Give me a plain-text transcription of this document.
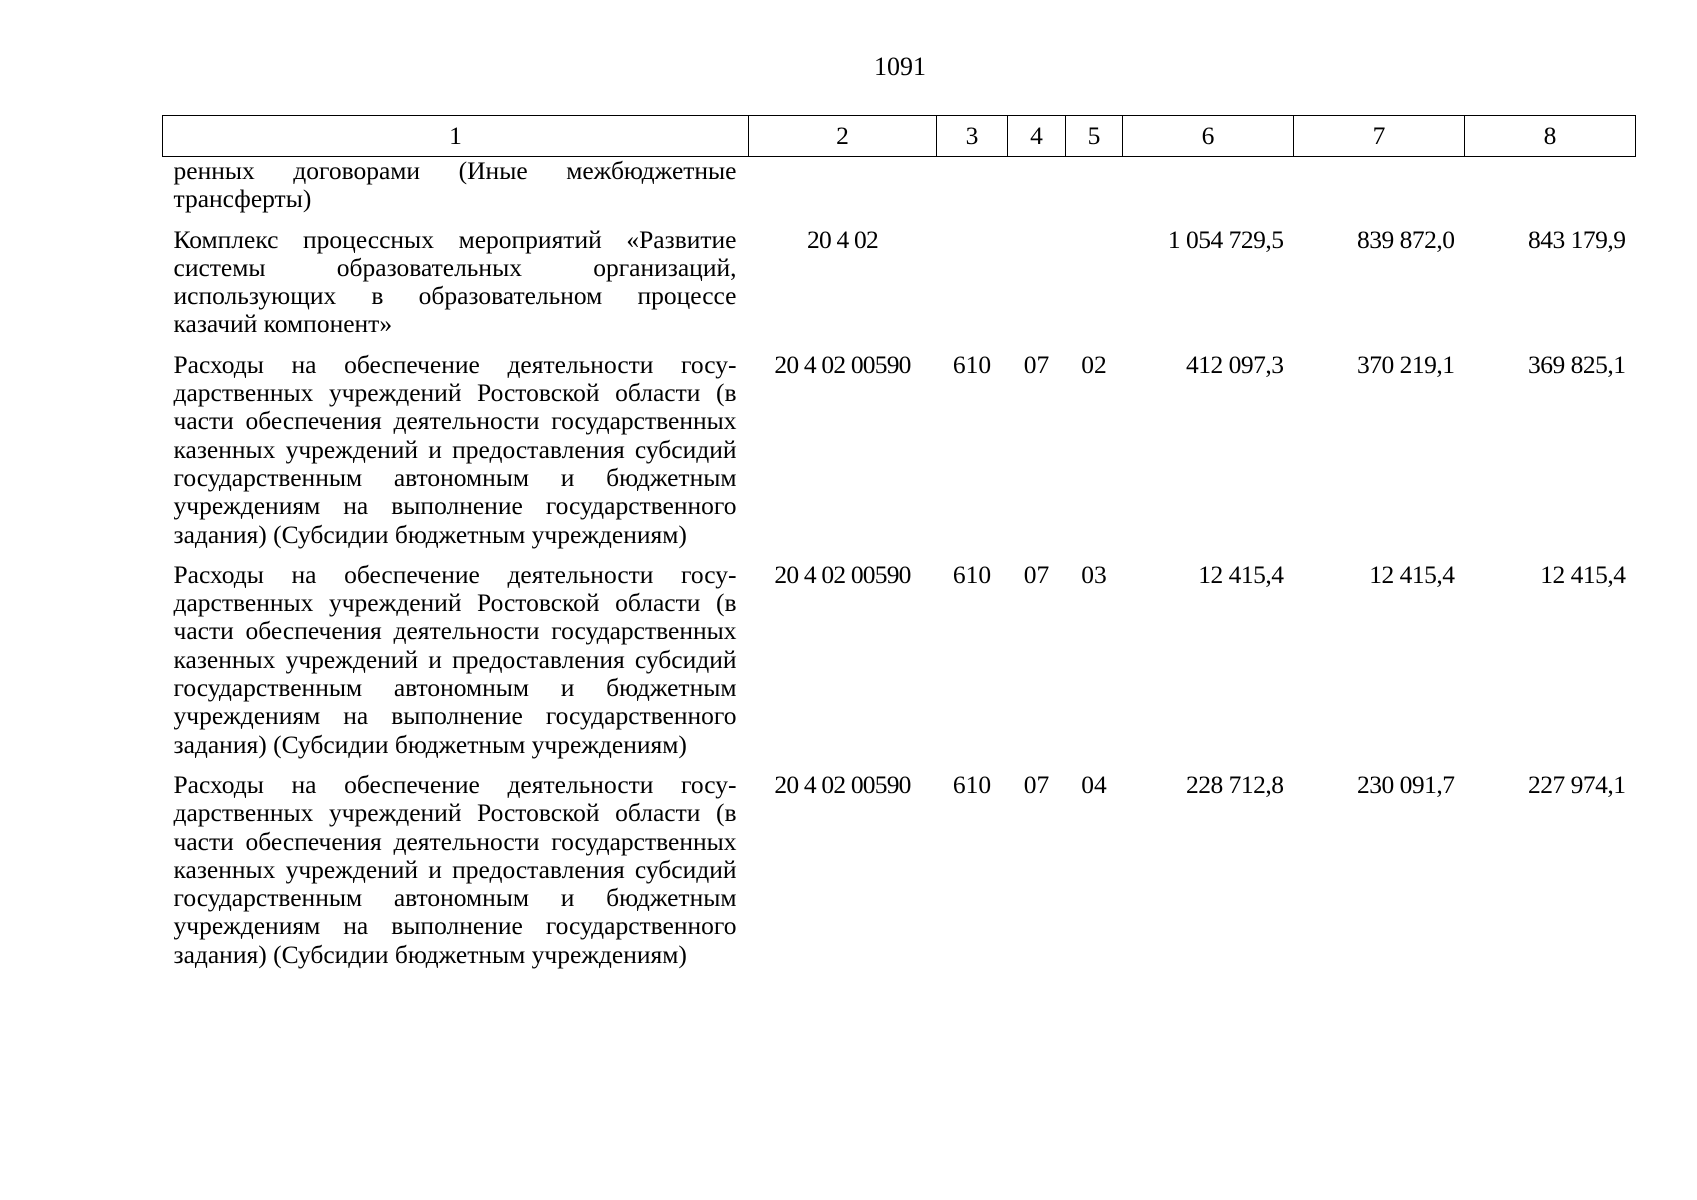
1091
1	2	3	4	5	6	7	8
ренных договорами (Иные межбюджетные трансферты)							
Комплекс процессных мероприятий «Развитие системы образовательных организаций, использующих в образовательном процессе казачий компонент»	20 4 02				1 054 729,5	839 872,0	843 179,9
Расходы на обеспечение деятельности государственных учреждений Ростовской области (в части обеспечения деятельности государственных казенных учреждений и предоставления субсидий государственным автономным и бюджетным учреждениям на выполнение государственного задания) (Субсидии бюджетным учреждениям)	20 4 02 00590	610	07	02	412 097,3	370 219,1	369 825,1
Расходы на обеспечение деятельности государственных учреждений Ростовской области (в части обеспечения деятельности государственных казенных учреждений и предоставления субсидий государственным автономным и бюджетным учреждениям на выполнение государственного задания) (Субсидии бюджетным учреждениям)	20 4 02 00590	610	07	03	12 415,4	12 415,4	12 415,4
Расходы на обеспечение деятельности государственных учреждений Ростовской области (в части обеспечения деятельности государственных казенных учреждений и предоставления субсидий государственным автономным и бюджетным учреждениям на выполнение государственного задания) (Субсидии бюджетным учреждениям)	20 4 02 00590	610	07	04	228 712,8	230 091,7	227 974,1
